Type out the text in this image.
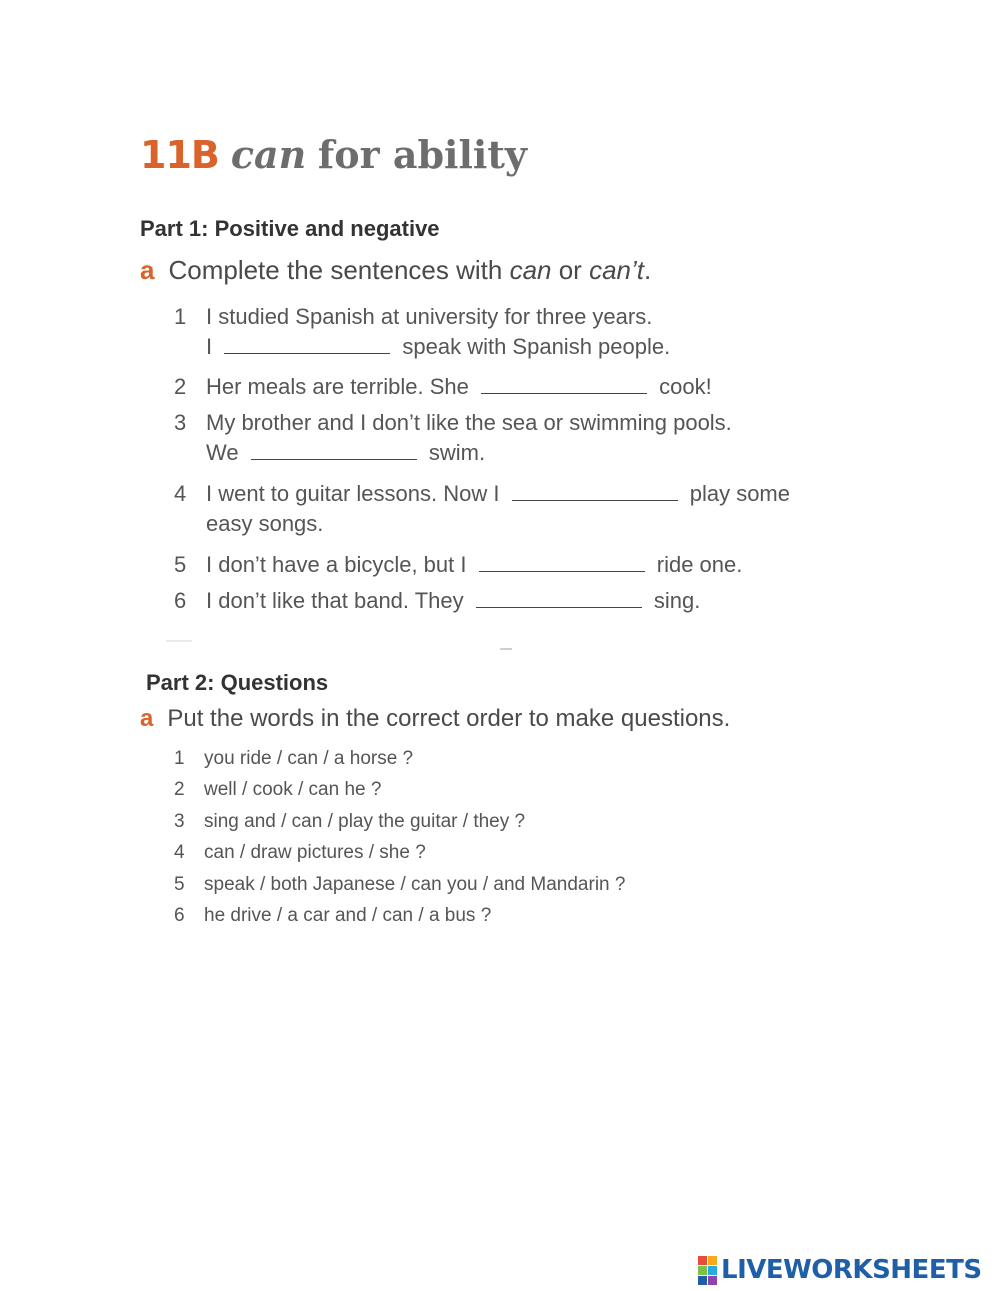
11B can for ability
Part 1: Positive and negative
a Complete the sentences with can or can’t.
1 I studied Spanish at university for three years.
I	speak with Spanish people.
2 Her meals are terrible. She	cook!
3 My brother and I don’t like the sea or swimming pools.
We	swim.
4 I went to guitar lessons. Now I	play some
easy songs.
5 I don’t have a bicycle, but I	ride one.
6 I don’t like that band. They	sing.
Part 2: Questions
a Put the words in the correct order to make questions.
1 you ride / can / a horse ?
2 well / cook / can he ?
3 sing and / can / play the guitar / they ?
4 can / draw pictures / she ?
5 speak / both Japanese / can you / and Mandarin ?
6 he drive / a car and / can / a bus ?
LIVEWORKSHEETS
